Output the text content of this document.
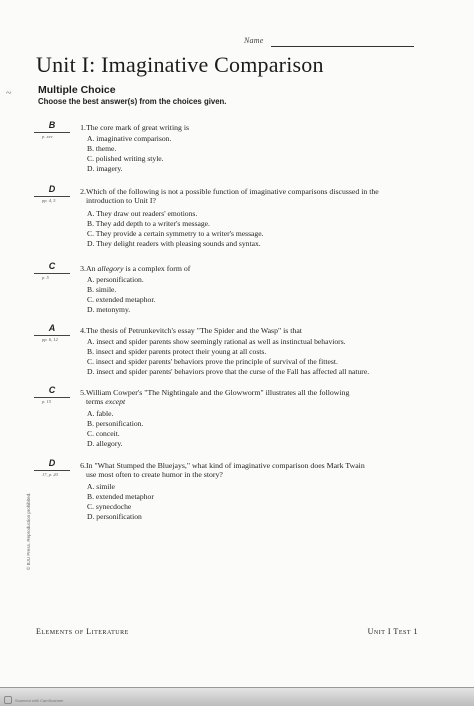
Name
Unit I: Imaginative Comparison
~	Multiple Choice
Choose the best answer(s) from the choices given.
B
p. xxv
1. The core mark of great writing is
A. imaginative comparison.
B. theme.
C. polished writing style.
D. imagery.
D
pp. 4, 5
2. Which of the following is not a possible function of imaginative comparisons discussed in the introduction to Unit I?
A. They draw out readers' emotions.
B. They add depth to a writer's message.
C. They provide a certain symmetry to a writer's message.
D. They delight readers with pleasing sounds and syntax.
C
p. 5
3. An allegory is a complex form of
A. personification.
B. simile.
C. extended metaphor.
D. metonymy.
A
pp. 6, 12
4. The thesis of Petrunkevitch's essay "The Spider and the Wasp" is that
A. insect and spider parents show seemingly rational as well as instinctual behaviors.
B. insect and spider parents protect their young at all costs.
C. insect and spider parents' behaviors prove the principle of survival of the fittest.
D. insect and spider parents' behaviors prove that the curse of the Fall has affected all nature.
C
p. 15
5. William Cowper's "The Nightingale and the Glowworm" illustrates all the following terms except
A. fable.
B. personification.
C. conceit.
D. allegory.
D
17, p. 20
6. In "What Stumped the Bluejays," what kind of imaginative comparison does Mark Twain use most often to create humor in the story?
A. simile
B. extended metaphor
C. synecdoche
D. personification
© BJU Press. Reproduction prohibited.
Elements of Literature	Unit I Test 1
Scanned with CamScanner
